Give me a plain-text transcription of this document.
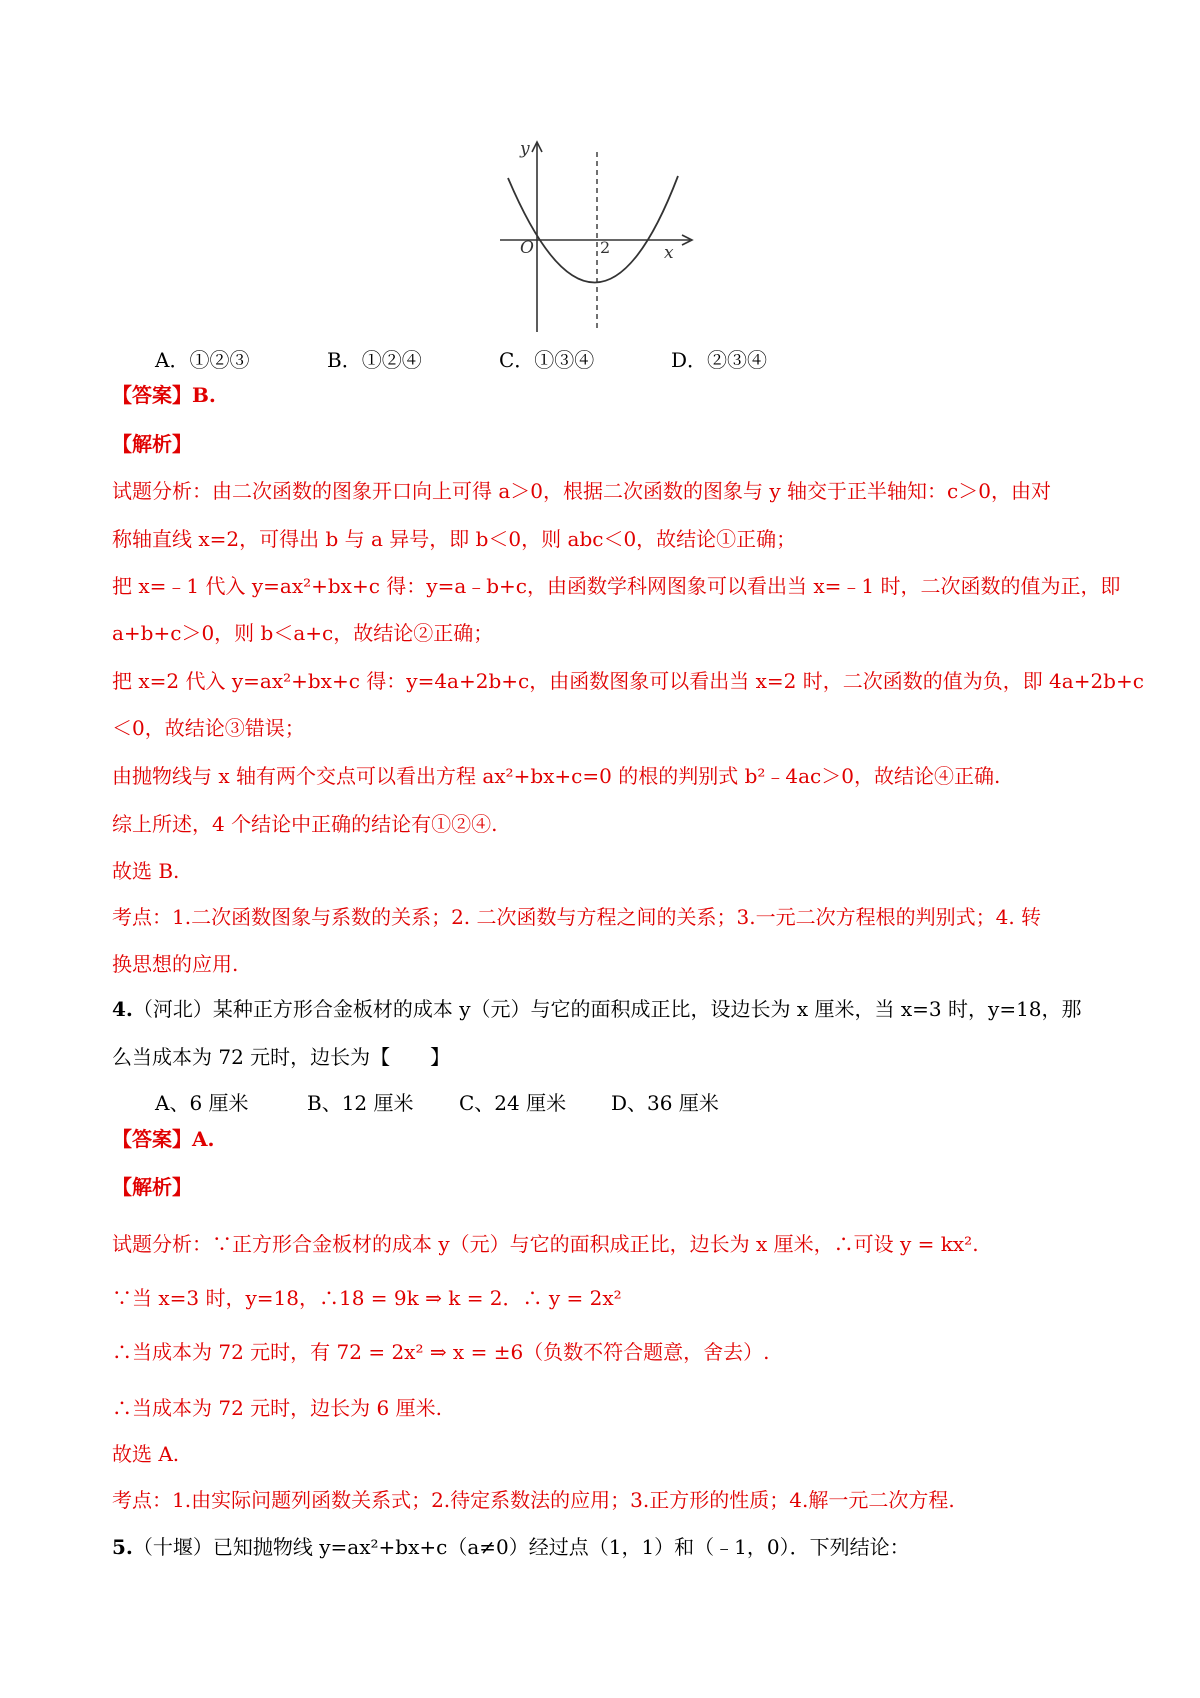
y
x
O	2
A．①②③	B．①②④	C．①③④	D．②③④
【答案】B.
【解析】
试题分析：由二次函数的图象开口向上可得 a＞0，根据二次函数的图象与 y 轴交于正半轴知：c＞0，由对
称轴直线 x=2，可得出 b 与 a 异号，即 b＜0，则 abc＜0，故结论①正确；
把 x=﹣1 代入 y=ax²+bx+c 得：y=a﹣b+c，由函数学科网图象可以看出当 x=﹣1 时，二次函数的值为正，即
a+b+c＞0，则 b＜a+c，故结论②正确；
把 x=2 代入 y=ax²+bx+c 得：y=4a+2b+c，由函数图象可以看出当 x=2 时，二次函数的值为负，即 4a+2b+c
＜0，故结论③错误；
由抛物线与 x 轴有两个交点可以看出方程 ax²+bx+c=0 的根的判别式 b²﹣4ac＞0，故结论④正确.
综上所述，4 个结论中正确的结论有①②④.
故选 B.
考点：1.二次函数图象与系数的关系；2. 二次函数与方程之间的关系；3.一元二次方程根的判别式；4. 转
换思想的应用.
4.（河北）某种正方形合金板材的成本 y（元）与它的面积成正比，设边长为 x 厘米，当 x=3 时，y=18，那
么当成本为 72 元时，边长为【　　】
A、6 厘米	B、12 厘米 C、24 厘米 D、36 厘米
【答案】A.
【解析】
试题分析：∵正方形合金板材的成本 y（元）与它的面积成正比，边长为 x 厘米，∴可设 y = kx².
∵当 x=3 时，y=18，∴18 = 9k ⇒ k = 2．∴ y = 2x²
∴当成本为 72 元时，有 72 = 2x² ⇒ x = ±6（负数不符合题意，舍去）.
∴当成本为 72 元时，边长为 6 厘米.
故选 A.
考点：1.由实际问题列函数关系式；2.待定系数法的应用；3.正方形的性质；4.解一元二次方程.
5.（十堰）已知抛物线 y=ax²+bx+c（a≠0）经过点（1，1）和（﹣1，0）．下列结论：
